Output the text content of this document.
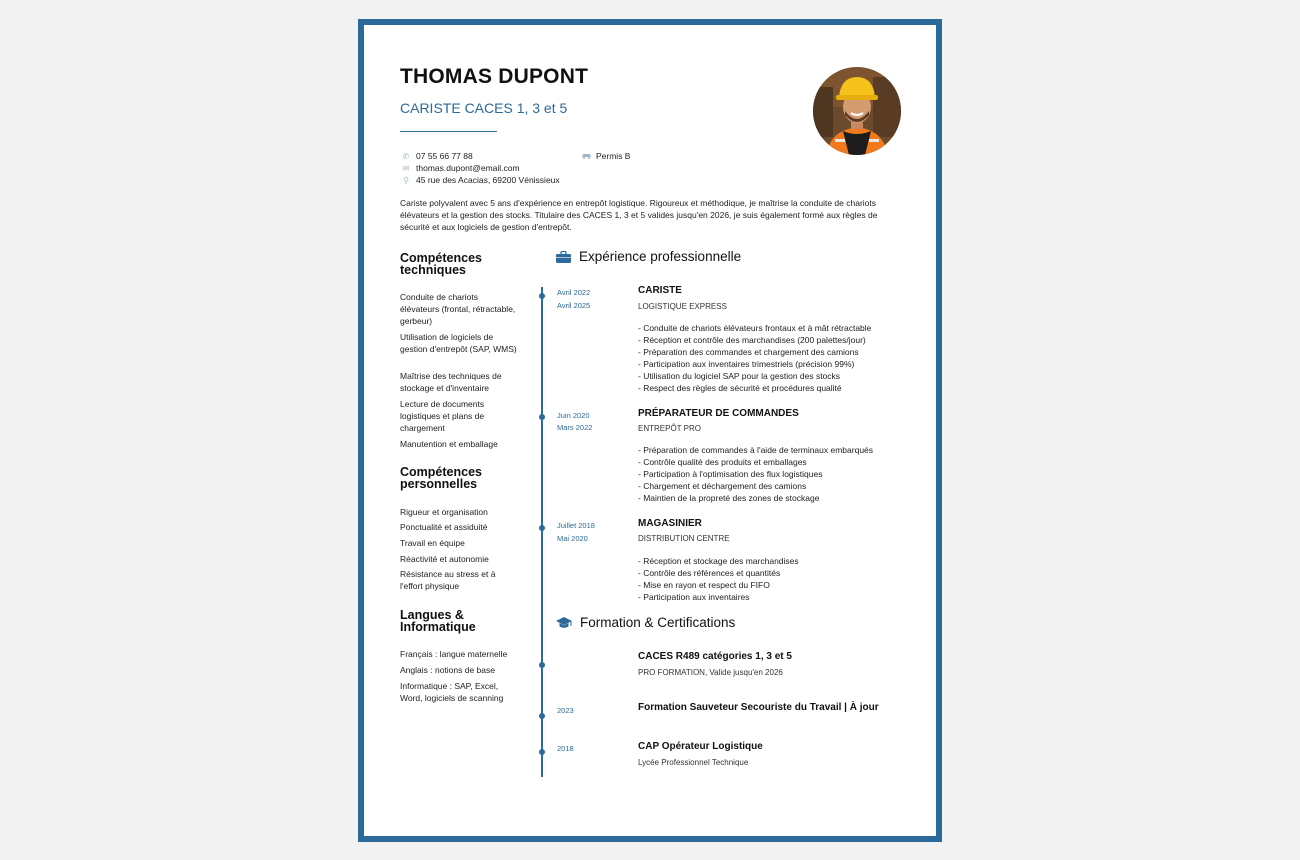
THOMAS DUPONT
CARISTE CACES 1, 3 et 5
✆ 07 55 66 77 88
✉ thomas.dupont@email.com
⚲ 45 rue des Acacias, 69200 Vénissieux
Permis B
Cariste polyvalent avec 5 ans d'expérience en entrepôt logistique. Rigoureux et méthodique, je maîtrise la conduite de chariots élévateurs et la gestion des stocks. Titulaire des CACES 1, 3 et 5 valides jusqu'en 2026, je suis également formé aux règles de sécurité et aux logiciels de gestion d'entrepôt.
Compétences techniques
Conduite de chariots élévateurs (frontal, rétractable, gerbeur)
Utilisation de logiciels de gestion d'entrepôt (SAP, WMS)
Maîtrise des techniques de stockage et d'inventaire
Lecture de documents logistiques et plans de chargement
Manutention et emballage
Compétences personnelles
Rigueur et organisation
Ponctualité et assiduité
Travail en équipe
Réactivité et autonomie
Résistance au stress et à l'effort physique
Langues & Informatique
Français : langue maternelle
Anglais : notions de base
Informatique : SAP, Excel, Word, logiciels de scanning
Expérience professionnelle
Avril 2022
Avril 2025
CARISTE
LOGISTIQUE EXPRESS
- Conduite de chariots élévateurs frontaux et à mât rétractable
- Réception et contrôle des marchandises (200 palettes/jour)
- Préparation des commandes et chargement des camions
- Participation aux inventaires trimestriels (précision 99%)
- Utilisation du logiciel SAP pour la gestion des stocks
- Respect des règles de sécurité et procédures qualité
Juin 2020
Mars 2022
PRÉPARATEUR DE COMMANDES
ENTREPÔT PRO
- Préparation de commandes à l'aide de terminaux embarqués
- Contrôle qualité des produits et emballages
- Participation à l'optimisation des flux logistiques
- Chargement et déchargement des camions
- Maintien de la propreté des zones de stockage
Juillet 2018
Mai 2020
MAGASINIER
DISTRIBUTION CENTRE
- Réception et stockage des marchandises
- Contrôle des références et quantités
- Mise en rayon et respect du FIFO
- Participation aux inventaires
Formation & Certifications
CACES R489 catégories 1, 3 et 5
PRO FORMATION, Valide jusqu'en 2026
2023	Formation Sauveteur Secouriste du Travail | À jour
2018	CAP Opérateur Logistique
Lycée Professionnel Technique
